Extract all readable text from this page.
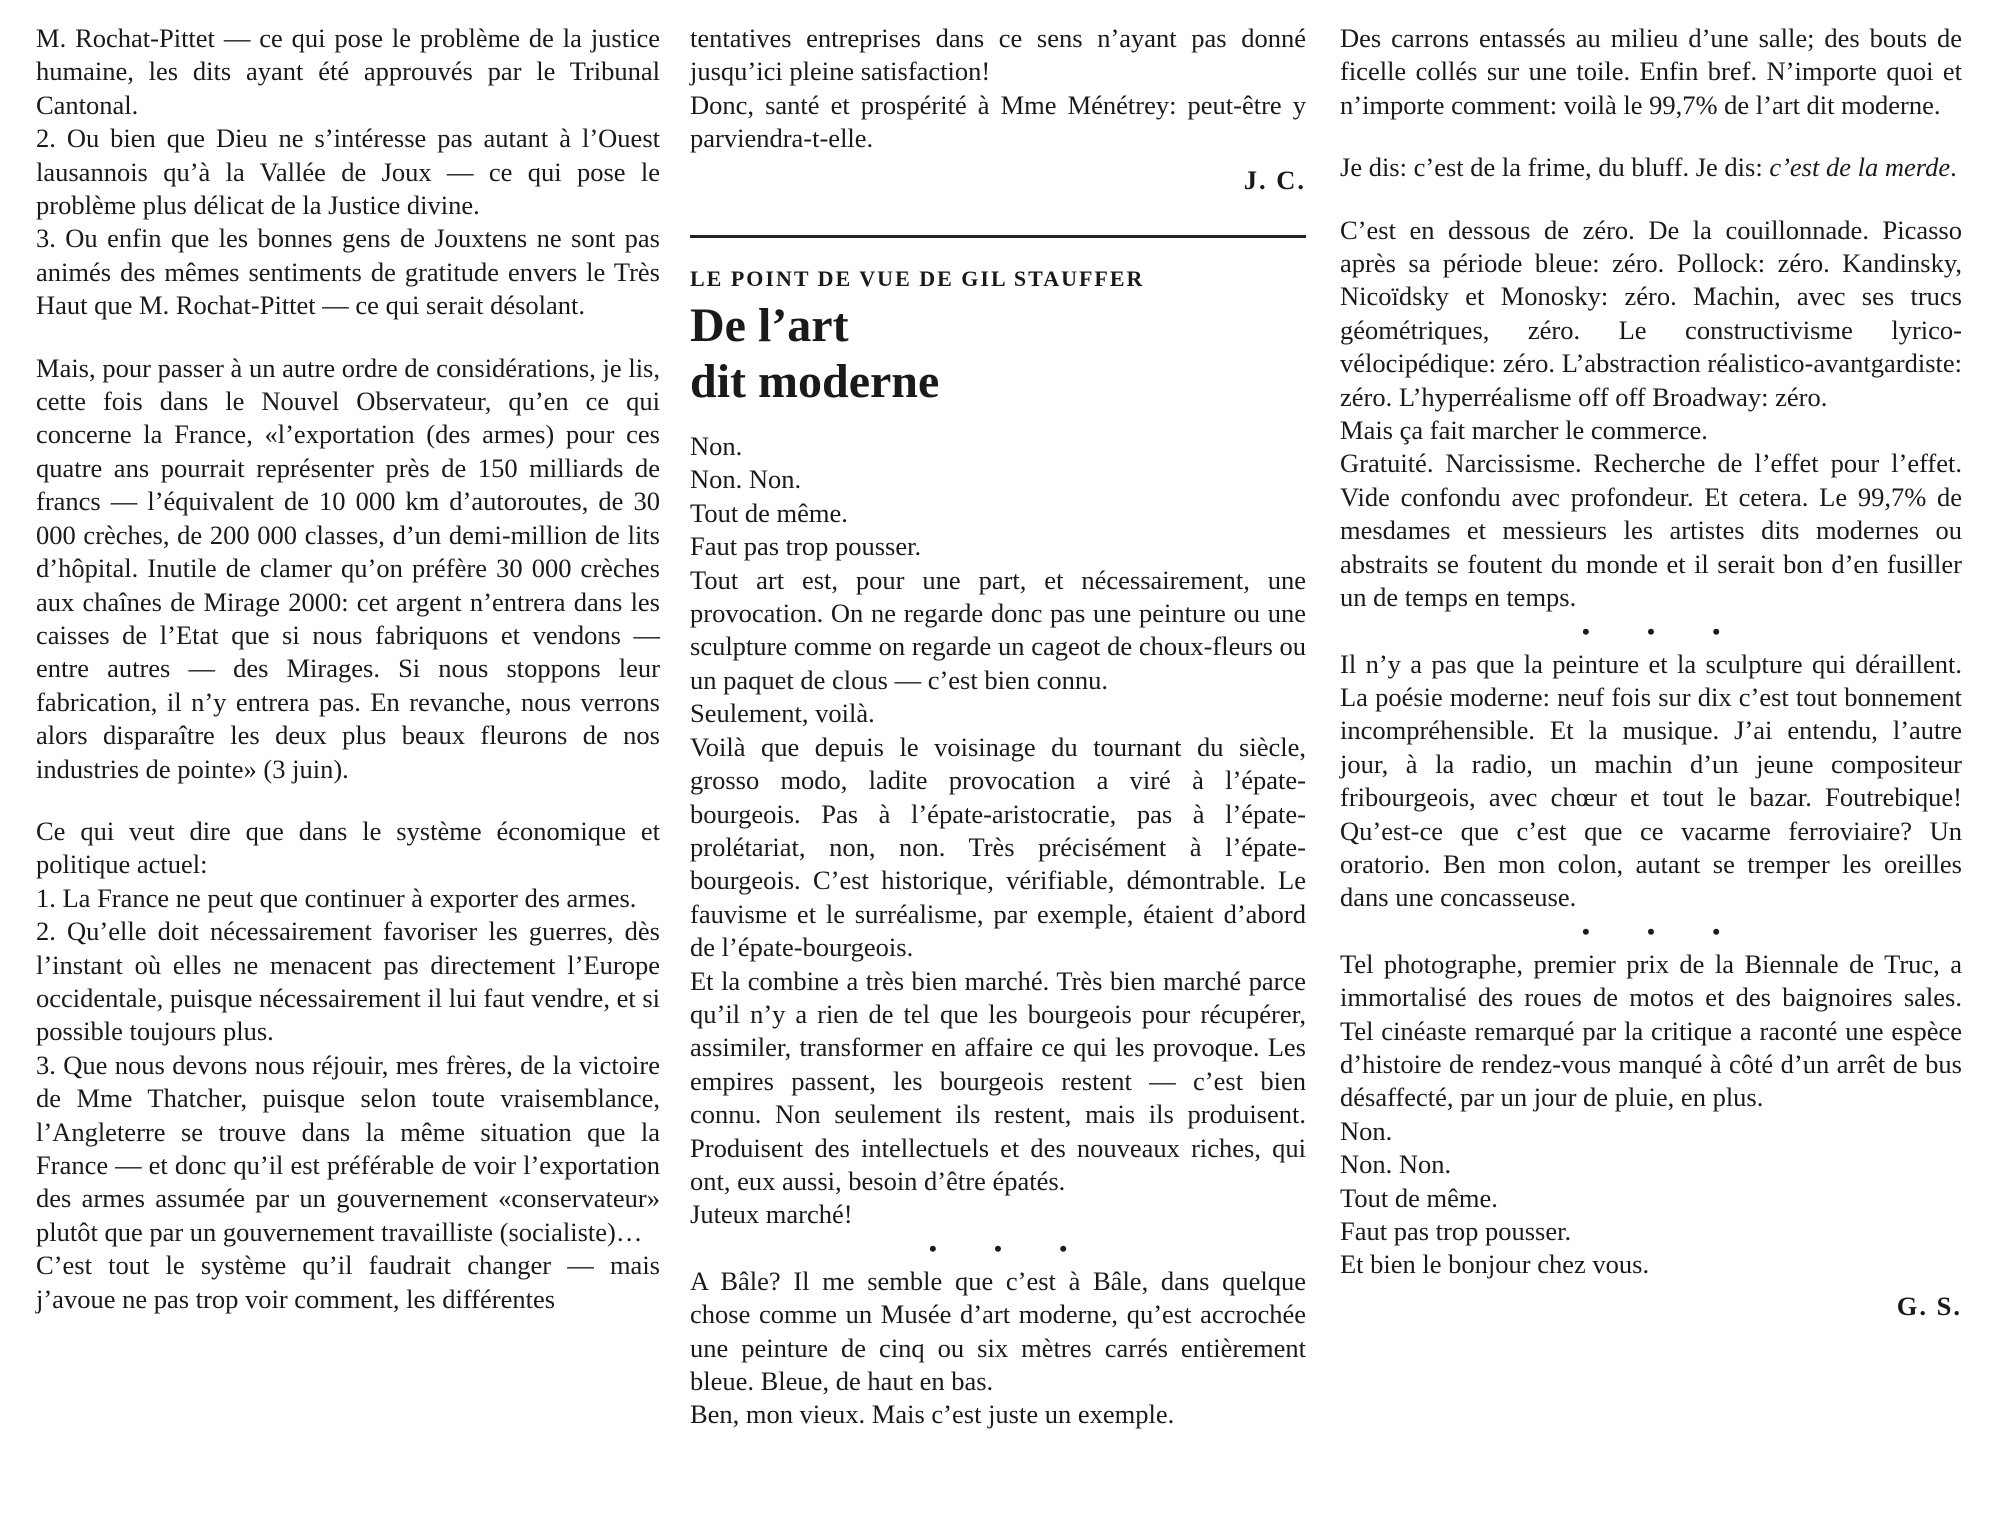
M. Rochat-Pittet — ce qui pose le problème de la justice humaine, les dits ayant été approuvés par le Tribunal Cantonal.

2. Ou bien que Dieu ne s’intéresse pas autant à l’Ouest lausannois qu’à la Vallée de Joux — ce qui pose le problème plus délicat de la Justice divine.

3. Ou enfin que les bonnes gens de Jouxtens ne sont pas animés des mêmes sentiments de gratitude envers le Très Haut que M. Rochat-Pittet — ce qui serait désolant.

Mais, pour passer à un autre ordre de considérations, je lis, cette fois dans le Nouvel Observateur, qu’en ce qui concerne la France, «l’exportation (des armes) pour ces quatre ans pourrait représenter près de 150 milliards de francs — l’équivalent de 10 000 km d’autoroutes, de 30 000 crèches, de 200 000 classes, d’un demi-million de lits d’hôpital. Inutile de clamer qu’on préfère 30 000 crèches aux chaînes de Mirage 2000: cet argent n’entrera dans les caisses de l’Etat que si nous fabriquons et vendons — entre autres — des Mirages. Si nous stoppons leur fabrication, il n’y entrera pas. En revanche, nous verrons alors disparaître les deux plus beaux fleurons de nos industries de pointe» (3 juin).

Ce qui veut dire que dans le système économique et politique actuel:

1. La France ne peut que continuer à exporter des armes.

2. Qu’elle doit nécessairement favoriser les guerres, dès l’instant où elles ne menacent pas directement l’Europe occidentale, puisque nécessairement il lui faut vendre, et si possible toujours plus.

3. Que nous devons nous réjouir, mes frères, de la victoire de Mme Thatcher, puisque selon toute vraisemblance, l’Angleterre se trouve dans la même situation que la France — et donc qu’il est préférable de voir l’exportation des armes assumée par un gouvernement «conservateur» plutôt que par un gouvernement travailliste (socialiste)…

C’est tout le système qu’il faudrait changer — mais j’avoue ne pas trop voir comment, les différentes

tentatives entreprises dans ce sens n’ayant pas donné jusqu’ici pleine satisfaction!

Donc, santé et prospérité à Mme Ménétrey: peut-être y parviendra-t-elle.

J. C.

LE POINT DE VUE DE GIL STAUFFER

De l’art
dit moderne

Non.

Non. Non.

Tout de même.

Faut pas trop pousser.

Tout art est, pour une part, et nécessairement, une provocation. On ne regarde donc pas une peinture ou une sculpture comme on regarde un cageot de choux-fleurs ou un paquet de clous — c’est bien connu.

Seulement, voilà.

Voilà que depuis le voisinage du tournant du siècle, grosso modo, ladite provocation a viré à l’épate-bourgeois. Pas à l’épate-aristocratie, pas à l’épate-prolétariat, non, non. Très précisément à l’épate-bourgeois. C’est historique, vérifiable, démontrable. Le fauvisme et le surréalisme, par exemple, étaient d’abord de l’épate-bourgeois.

Et la combine a très bien marché. Très bien marché parce qu’il n’y a rien de tel que les bourgeois pour récupérer, assimiler, transformer en affaire ce qui les provoque. Les empires passent, les bourgeois restent — c’est bien connu. Non seulement ils restent, mais ils produisent. Produisent des intellectuels et des nouveaux riches, qui ont, eux aussi, besoin d’être épatés.

Juteux marché!

• • •

A Bâle? Il me semble que c’est à Bâle, dans quelque chose comme un Musée d’art moderne, qu’est accrochée une peinture de cinq ou six mètres carrés entièrement bleue. Bleue, de haut en bas.

Ben, mon vieux. Mais c’est juste un exemple.

Des carrons entassés au milieu d’une salle; des bouts de ficelle collés sur une toile. Enfin bref. N’importe quoi et n’importe comment: voilà le 99,7% de l’art dit moderne.

Je dis: c’est de la frime, du bluff. Je dis: c’est de la merde.

C’est en dessous de zéro. De la couillonnade. Picasso après sa période bleue: zéro. Pollock: zéro. Kandinsky, Nicoïdsky et Monosky: zéro. Machin, avec ses trucs géométriques, zéro. Le constructivisme lyrico-vélocipédique: zéro. L’abstraction réalistico-avantgardiste: zéro. L’hyperréalisme off off Broadway: zéro.

Mais ça fait marcher le commerce.

Gratuité. Narcissisme. Recherche de l’effet pour l’effet. Vide confondu avec profondeur. Et cetera. Le 99,7% de mesdames et messieurs les artistes dits modernes ou abstraits se foutent du monde et il serait bon d’en fusiller un de temps en temps.

• • •

Il n’y a pas que la peinture et la sculpture qui déraillent. La poésie moderne: neuf fois sur dix c’est tout bonnement incompréhensible. Et la musique. J’ai entendu, l’autre jour, à la radio, un machin d’un jeune compositeur fribourgeois, avec chœur et tout le bazar. Foutrebique! Qu’est-ce que c’est que ce vacarme ferroviaire? Un oratorio. Ben mon colon, autant se tremper les oreilles dans une concasseuse.

• • •

Tel photographe, premier prix de la Biennale de Truc, a immortalisé des roues de motos et des baignoires sales. Tel cinéaste remarqué par la critique a raconté une espèce d’histoire de rendez-vous manqué à côté d’un arrêt de bus désaffecté, par un jour de pluie, en plus.

Non.

Non. Non.

Tout de même.

Faut pas trop pousser.

Et bien le bonjour chez vous.

G. S.
